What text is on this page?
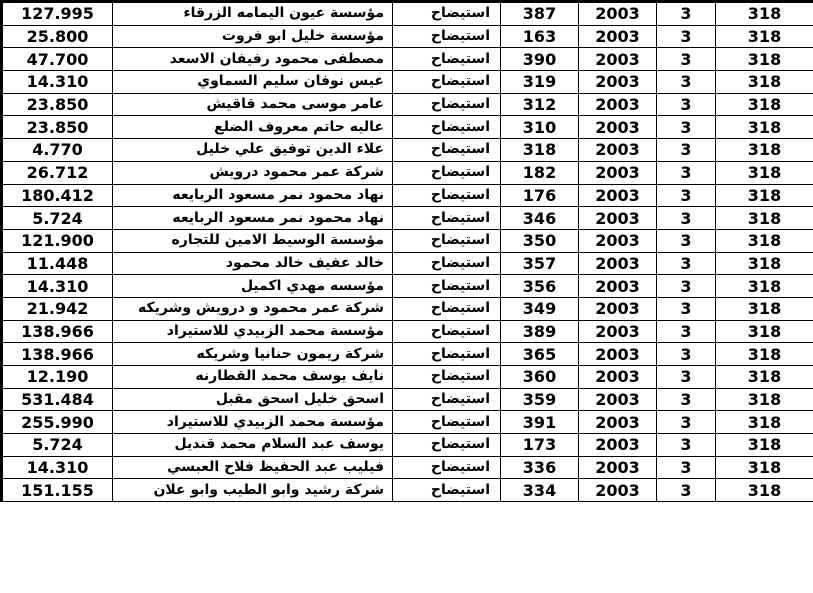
127.995	مؤسسة عيون اليمامه الزرقاء	استيضاح	387	2003	3	318
25.800	مؤسسة خليل ابو فروت	استيضاح	163	2003	3	318
47.700	مصطفى محمود رفيفان الاسعد	استيضاح	390	2003	3	318
14.310	عيس نوفان سليم السماوي	استيضاح	319	2003	3	318
23.850	عامر موسى محمد قاقيش	استيضاح	312	2003	3	318
23.850	عاليه حاتم معروف الضلع	استيضاح	310	2003	3	318
4.770	علاء الدين توفيق علي خليل	استيضاح	318	2003	3	318
26.712	شركة عمر محمود درويش	استيضاح	182	2003	3	318
180.412	نهاد محمود نمر مسعود الربايعه	استيضاح	176	2003	3	318
5.724	نهاد محمود نمر مسعود الربايعه	استيضاح	346	2003	3	318
121.900	مؤسسة الوسيط الامين للتجاره	استيضاح	350	2003	3	318
11.448	خالد عفيف خالد محمود	استيضاح	357	2003	3	318
14.310	مؤسسه مهدي اكميل	استيضاح	356	2003	3	318
21.942	شركة عمر محمود و درويش وشريكه	استيضاح	349	2003	3	318
138.966	مؤسسة محمد الزبيدي للاستيراد	استيضاح	389	2003	3	318
138.966	شركة ريمون حنانيا وشريكه	استيضاح	365	2003	3	318
12.190	نايف يوسف محمد القطارنه	استيضاح	360	2003	3	318
531.484	اسحق خليل اسحق مقبل	استيضاح	359	2003	3	318
255.990	مؤسسة محمد الزبيدي للاستيراد	استيضاح	391	2003	3	318
5.724	يوسف عبد السلام محمد قنديل	استيضاح	173	2003	3	318
14.310	فيليب عبد الحفيظ فلاح العبسي	استيضاح	336	2003	3	318
151.155	شركة رشيد وابو الطيب وابو علان	استيضاح	334	2003	3	318
